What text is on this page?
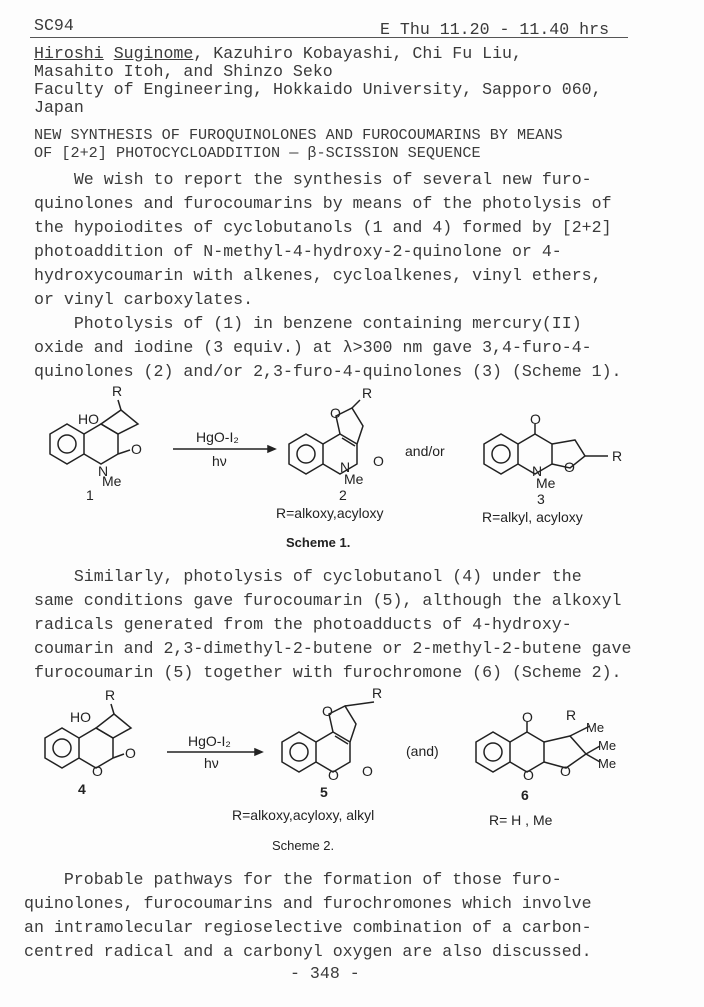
SC94	E Thu 11.20 - 11.40 hrs
Hiroshi Suginome, Kazuhiro Kobayashi, Chi Fu Liu,
Masahito Itoh, and Shinzo Seko
Faculty of Engineering, Hokkaido University, Sapporo 060,
Japan
NEW SYNTHESIS OF FUROQUINOLONES AND FUROCOUMARINS BY MEANS
OF [2+2] PHOTOCYCLOADDITION — β-SCISSION SEQUENCE
We wish to report the synthesis of several new furo-
quinolones and furocoumarins by means of the photolysis of
the hypoiodites of cyclobutanols (1 and 4) formed by [2+2]
photoaddition of N-methyl-4-hydroxy-2-quinolone or 4-
hydroxycoumarin with alkenes, cycloalkenes, vinyl ethers,
or vinyl carboxylates.
Photolysis of (1) in benzene containing mercury(II)
oxide and iodine (3 equiv.) at λ>300 nm gave 3,4-furo-4-
quinolones (2) and/or 2,3-furo-4-quinolones (3) (Scheme 1).
R
HO
N
Me
O
1
HgO-I₂
hν
R
O
N
Me
O
2
and/or
O
R
O
N
Me
3
R=alkoxy,acyloxy	R=alkyl, acyloxy
Scheme 1.
Similarly, photolysis of cyclobutanol (4) under the
same conditions gave furocoumarin (5), although the alkoxyl
radicals generated from the photoadducts of 4-hydroxy-
coumarin and 2,3-dimethyl-2-butene or 2-methyl-2-butene gave
furocoumarin (5) together with furochromone (6) (Scheme 2).
R
HO
O
O
4
HgO-I₂
hν
R
O
O O
5
(and)
O R
Me
Me
Me
O O
6
R=alkoxy,acyloxy, alkyl	R= H , Me
Scheme 2.
Probable pathways for the formation of those furo-
quinolones, furocoumarins and furochromones which involve
an intramolecular regioselective combination of a carbon-
centred radical and a carbonyl oxygen are also discussed.
- 348 -
